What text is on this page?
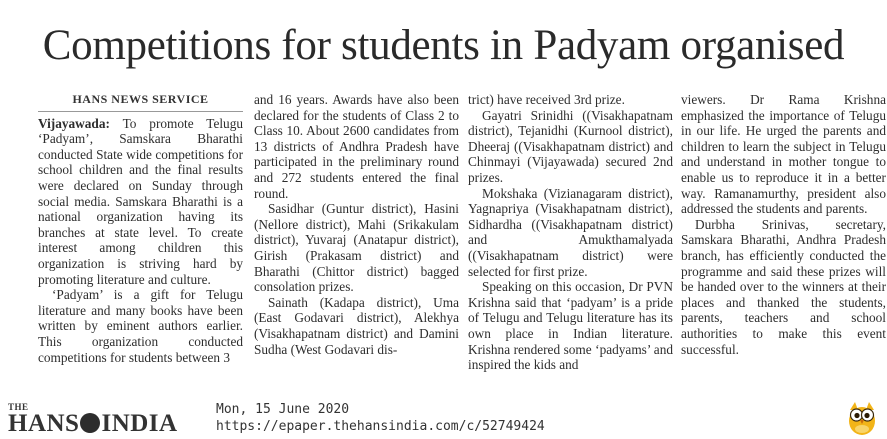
Competitions for students in Padyam organised
HANS NEWS SERVICE

Vijayawada: To promote Telugu ‘Padyam’, Samskara Bharathi conducted State wide competitions for school children and the final results were declared on Sunday through social media. Samskara Bharathi is a national organization having its branches at state level. To create interest among children this organization is striving hard by promoting literature and culture.

‘Padyam’ is a gift for Telugu literature and many books have been written by eminent authors earlier. This organization conducted competitions for students between 3

and 16 years. Awards have also been declared for the students of Class 2 to Class 10. About 2600 candidates from 13 districts of Andhra Pradesh have participated in the preliminary round and 272 students entered the final round.

Sasidhar (Guntur district), Hasini (Nellore district), Mahi (Srikakulam district), Yuvaraj (Anatapur district), Girish (Prakasam district) and Bharathi (Chittor district) bagged consolation prizes.

Sainath (Kadapa district), Uma (East Godavari district), Alekhya (Visakhapatnam district) and Damini Sudha (West Godavari dis-

trict) have received 3rd prize.

Gayatri Srinidhi ((Visakhapatnam district), Tejanidhi (Kurnool district), Dheeraj ((Visakhapatnam district) and Chinmayi (Vijayawada) secured 2nd prizes.

Mokshaka (Vizianagaram district), Yagnapriya (Visakhapatnam district), Sidhardha ((Visakhapatnam district) and Amukthamalyada ((Visakhapatnam district) were selected for first prize.

Speaking on this occasion, Dr PVN Krishna said that ‘padyam’ is a pride of Telugu and Telugu literature has its own place in Indian literature. Krishna rendered some ‘padyams’ and inspired the kids and

viewers. Dr Rama Krishna emphasized the importance of Telugu in our life. He urged the parents and children to learn the subject in Telugu and understand in mother tongue to enable us to reproduce it in a better way. Ramanamurthy, president also addressed the students and parents.

Durbha Srinivas, secretary, Samskara Bharathi, Andhra Pradesh branch, has efficiently conducted the programme and said these prizes will be handed over to the winners at their places and thanked the students, parents, teachers and school authorities to make this event successful.

THE
HANS INDIA
Mon, 15 June 2020
https://epaper.thehansindia.com/c/52749424
